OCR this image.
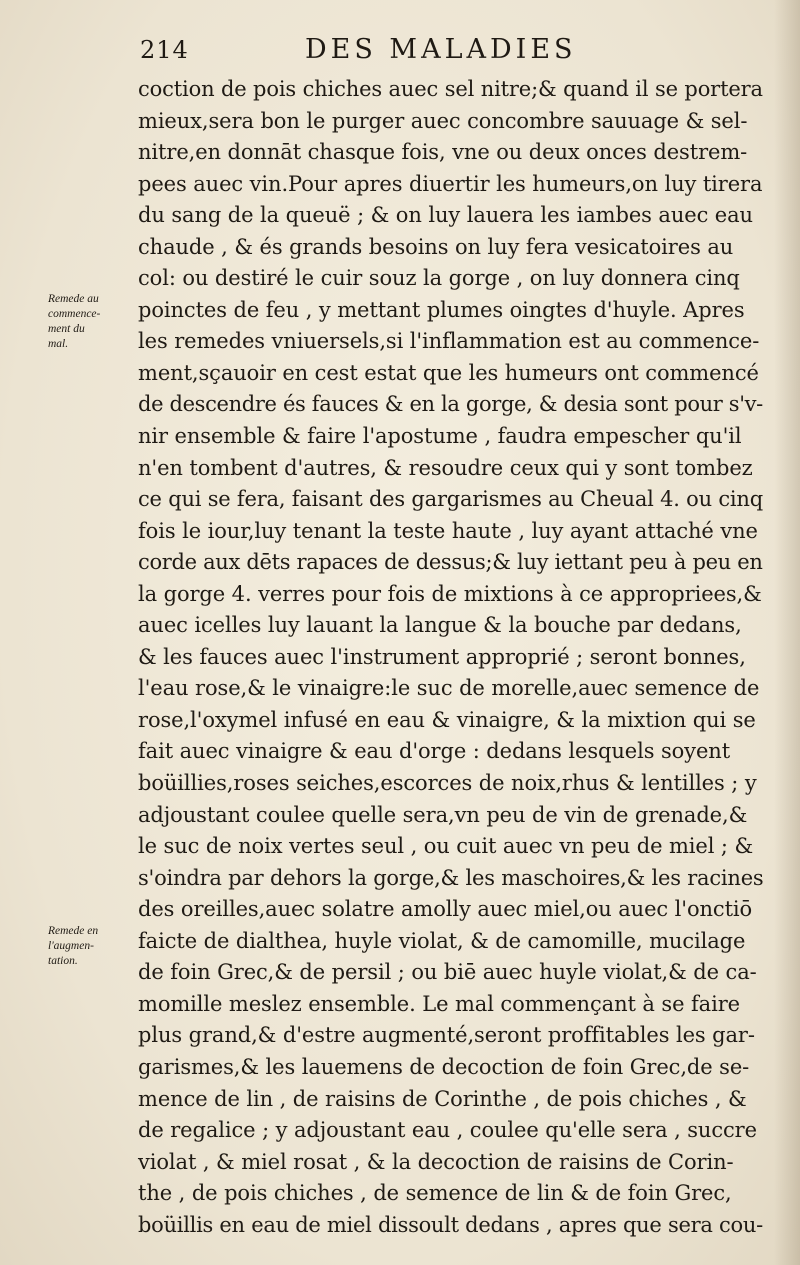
214	DES MALADIES
Remede au
commence-
ment du
mal.
Remede en
l'augmen-
tation.
coction de pois chiches auec sel nitre;& quand il se portera
mieux,sera bon le purger auec concombre sauuage & sel-
nitre,en donnāt chasque fois, vne ou deux onces destrem-
pees auec vin.Pour apres diuertir les humeurs,on luy tirera
du sang de la queuë ; & on luy lauera les iambes auec eau
chaude , & és grands besoins on luy fera vesicatoires au
col: ou destiré le cuir souz la gorge , on luy donnera cinq
poinctes de feu , y mettant plumes oingtes d'huyle. Apres
les remedes vniuersels,si l'inflammation est au commence-
ment,sçauoir en cest estat que les humeurs ont commencé
de descendre és fauces & en la gorge, & desia sont pour s'v-
nir ensemble & faire l'apostume , faudra empescher qu'il
n'en tombent d'autres, & resoudre ceux qui y sont tombez
ce qui se fera, faisant des gargarismes au Cheual 4. ou cinq
fois le iour,luy tenant la teste haute , luy ayant attaché vne
corde aux dēts rapaces de dessus;& luy iettant peu à peu en
la gorge 4. verres pour fois de mixtions à ce appropriees,&
auec icelles luy lauant la langue & la bouche par dedans,
& les fauces auec l'instrument approprié ; seront bonnes,
l'eau rose,& le vinaigre:le suc de morelle,auec semence de
rose,l'oxymel infusé en eau & vinaigre, & la mixtion qui se
fait auec vinaigre & eau d'orge : dedans lesquels soyent
boüillies,roses seiches,escorces de noix,rhus & lentilles ; y
adjoustant coulee quelle sera,vn peu de vin de grenade,&
le suc de noix vertes seul , ou cuit auec vn peu de miel ; &
s'oindra par dehors la gorge,& les maschoires,& les racines
des oreilles,auec solatre amolly auec miel,ou auec l'onctiō
faicte de dialthea, huyle violat, & de camomille, mucilage
de foin Grec,& de persil ; ou biē auec huyle violat,& de ca-
momille meslez ensemble. Le mal commençant à se faire
plus grand,& d'estre augmenté,seront proffitables les gar-
garismes,& les lauemens de decoction de foin Grec,de se-
mence de lin , de raisins de Corinthe , de pois chiches , &
de regalice ; y adjoustant eau , coulee qu'elle sera , succre
violat , & miel rosat , & la decoction de raisins de Corin-
the , de pois chiches , de semence de lin & de foin Grec,
boüillis en eau de miel dissoult dedans , apres que sera cou-
